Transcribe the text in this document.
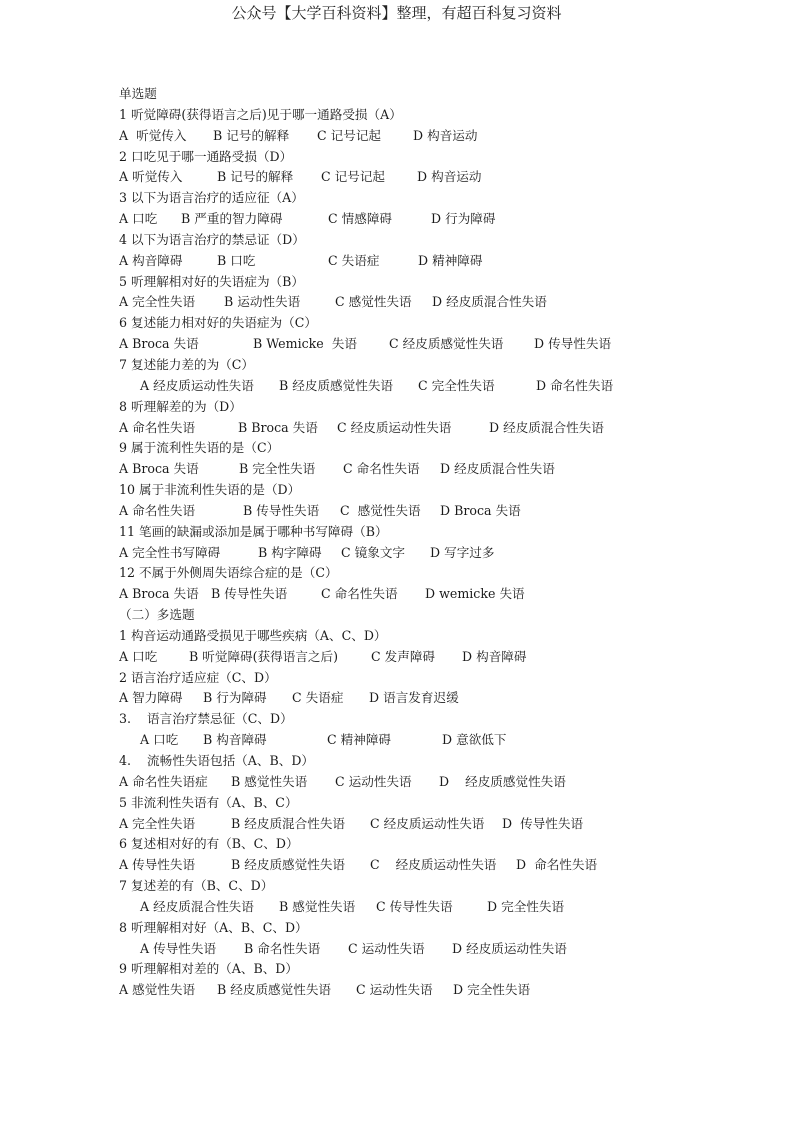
公众号【大学百科资料】整理，有超百科复习资料
单选题
1 听觉障碍(获得语言之后)见于哪一通路受损（A）
A  听觉传入 B 记号的解释 C 记号记起	D 构音运动
2 口吃见于哪一通路受损（D）
A 听觉传入	B 记号的解释 C 记号记起	D 构音运动
3 以下为语言治疗的适应征（A）
A 口吃 B 严重的智力障碍	C 情感障碍	D 行为障碍
4 以下为语言治疗的禁忌证（D）
A 构音障碍	B 口吃	C 失语症	D 精神障碍
5 听理解相对好的失语症为（B）
A 完全性失语 B 运动性失语	C 感觉性失语 D 经皮质混合性失语
6 复述能力相对好的失语症为（C）
A Broca 失语	B Wemicke  失语	C 经皮质感觉性失语 D 传导性失语
7 复述能力差的为（C）
A 经皮质运动性失语 B 经皮质感觉性失语 C 完全性失语	D 命名性失语
8 听理解差的为（D）
A 命名性失语	B Broca 失语 C 经皮质运动性失语	D 经皮质混合性失语
9 属于流利性失语的是（C）
A Broca 失语	B 完全性失语 C 命名性失语 D 经皮质混合性失语
10 属于非流利性失语的是（D）
A 命名性失语	B 传导性失语 C  感觉性失语 D Broca 失语
11 笔画的缺漏或添加是属于哪种书写障碍（B）
A 完全性书写障碍	B 构字障碍 C 镜象文字 D 写字过多
12 不属于外侧周失语综合症的是（C）
A Broca 失语 B 传导性失语	C 命名性失语 D wemicke 失语
（二）多选题
1 构音运动通路受损见于哪些疾病（A、C、D）
A 口吃	B 听觉障碍(获得语言之后)	C 发声障碍 D 构音障碍
2 语言治疗适应症（C、D）
A 智力障碍 B 行为障碍 C 失语症 D 语言发育迟缓
3.    语言治疗禁忌征（C、D）
A 口吃 B 构音障碍	C 精神障碍	D 意欲低下
4.    流畅性失语包括（A、B、D）
A 命名性失语症 B 感觉性失语 C 运动性失语 D    经皮质感觉性失语
5 非流利性失语有（A、B、C）
A 完全性失语	B 经皮质混合性失语 C 经皮质运动性失语 D  传导性失语
6 复述相对好的有（B、C、D）
A 传导性失语	B 经皮质感觉性失语 C    经皮质运动性失语 D  命名性失语
7 复述差的有（B、C、D）
A 经皮质混合性失语 B 感觉性失语 C 传导性失语	D 完全性失语
8 听理解相对好（A、B、C、D）
A 传导性失语 B 命名性失语 C 运动性失语 D 经皮质运动性失语
9 听理解相对差的（A、B、D）
A 感觉性失语 B 经皮质感觉性失语 C 运动性失语 D 完全性失语
